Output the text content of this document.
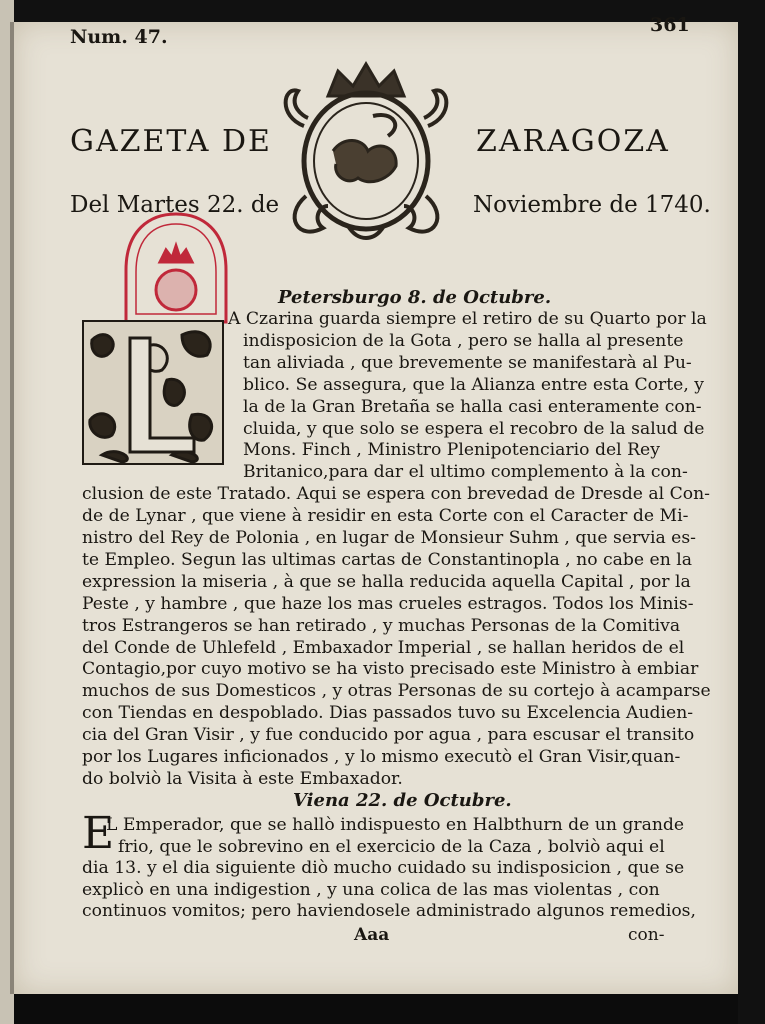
Num. 47.
361
GAZETA DE	ZARAGOZA
Del Martes 22. de	Noviembre de 1740.
Petersburgo 8. de Octubre.
A Czarina guarda siempre el retiro de su Quarto por la
indisposicion de la Gota , pero se halla al presente
tan aliviada , que brevemente se manifestarà al Pu-
blico. Se assegura, que la Alianza entre esta Corte, y
la de la Gran Bretaña se halla casi enteramente con-
cluida, y que solo se espera el recobro de la salud de
Mons. Finch , Ministro Plenipotenciario del Rey
Britanico,para dar el ultimo complemento à la con-
clusion de este Tratado. Aqui se espera con brevedad de Dresde al Con-
de de Lynar , que viene à residir en esta Corte con el Caracter de Mi-
nistro del Rey de Polonia , en lugar de Monsieur Suhm , que servia es-
te Empleo. Segun las ultimas cartas de Constantinopla , no cabe en la
expression la miseria , à que se halla reducida aquella Capital , por la
Peste , y hambre , que haze los mas crueles estragos. Todos los Minis-
tros Estrangeros se han retirado , y muchas Personas de la Comitiva
del Conde de Uhlefeld , Embaxador Imperial , se hallan heridos de el
Contagio,por cuyo motivo se ha visto precisado este Ministro à embiar
muchos de sus Domesticos , y otras Personas de su cortejo à acamparse
con Tiendas en despoblado. Dias passados tuvo su Excelencia Audien-
cia del Gran Visir , y fue conducido por agua , para escusar el transito
por los Lugares inficionados , y lo mismo executò el Gran Visir,quan-
do bolviò la Visita à este Embaxador.
Viena 22. de Octubre.
E
L Emperador, que se hallò indispuesto en Halbthurn de un grande
frio, que le sobrevino en el exercicio de la Caza , bolviò aqui el
dia 13. y el dia siguiente diò mucho cuidado su indisposicion , que se
explicò en una indigestion , y una colica de las mas violentas , con
continuos vomitos; pero haviendosele administrado algunos remedios,
Aaa	con-
